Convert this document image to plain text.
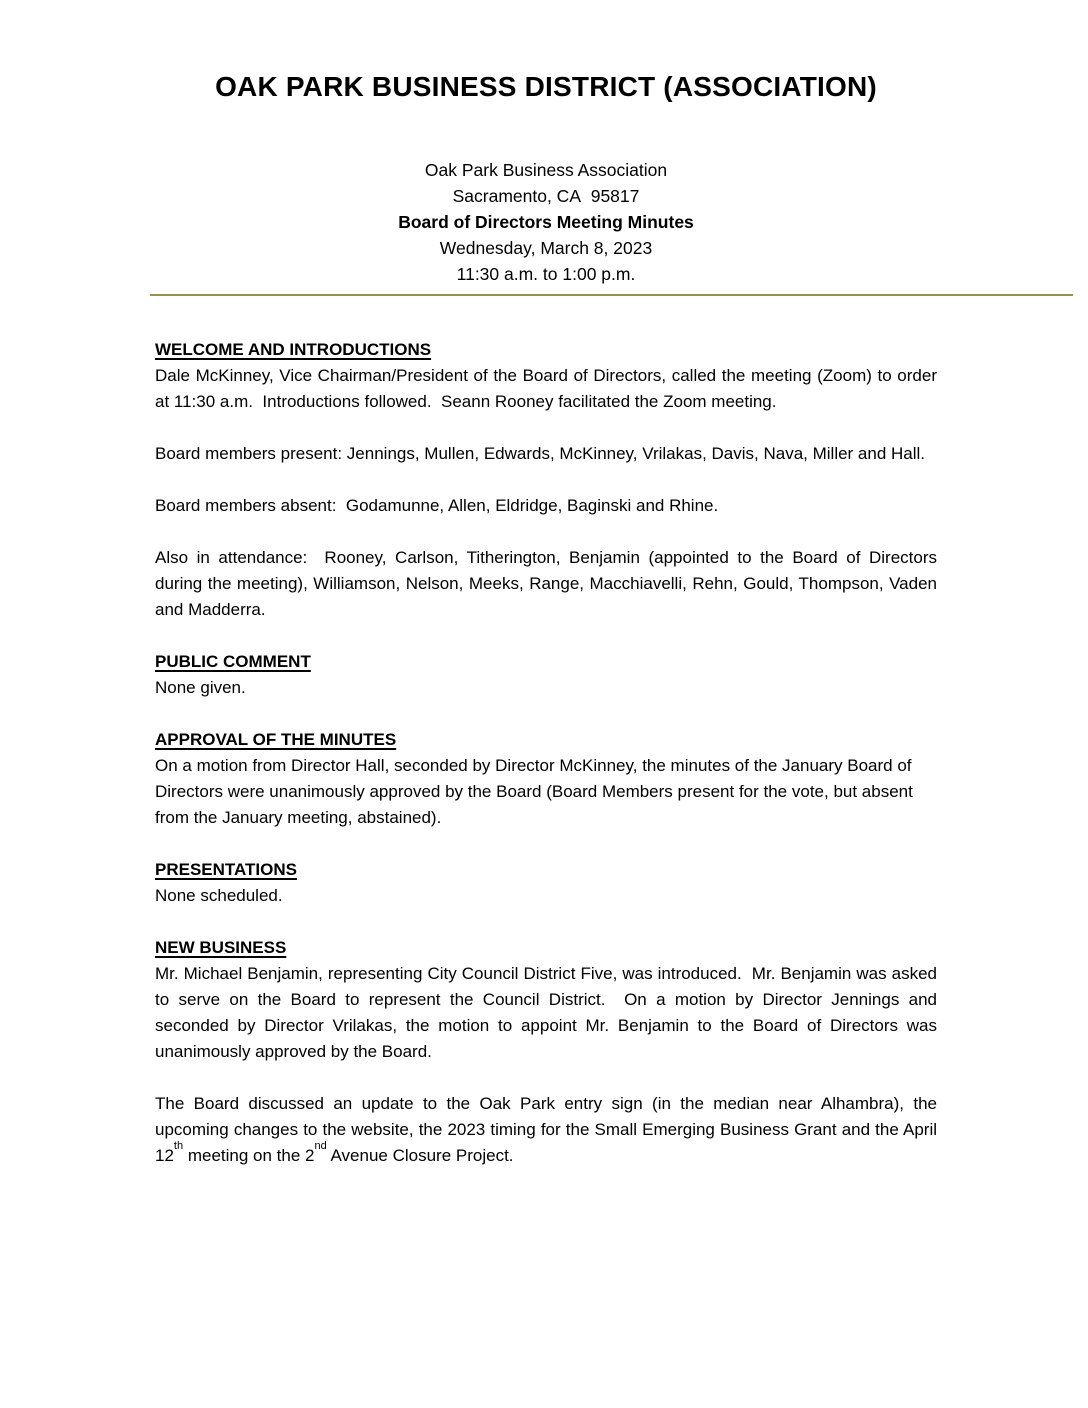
OAK PARK BUSINESS DISTRICT (ASSOCIATION)
Oak Park Business Association
Sacramento, CA  95817
Board of Directors Meeting Minutes
Wednesday, March 8, 2023
11:30 a.m. to 1:00 p.m.
WELCOME AND INTRODUCTIONS

Dale McKinney, Vice Chairman/President of the Board of Directors, called the meeting (Zoom) to order at 11:30 a.m.  Introductions followed.  Seann Rooney facilitated the Zoom meeting.

Board members present: Jennings, Mullen, Edwards, McKinney, Vrilakas, Davis, Nava, Miller and Hall.

Board members absent:  Godamunne, Allen, Eldridge, Baginski and Rhine.

Also in attendance:  Rooney, Carlson, Titherington, Benjamin (appointed to the Board of Directors during the meeting), Williamson, Nelson, Meeks, Range, Macchiavelli, Rehn, Gould, Thompson, Vaden and Madderra.

PUBLIC COMMENT

None given.

APPROVAL OF THE MINUTES

On a motion from Director Hall, seconded by Director McKinney, the minutes of the January Board of Directors were unanimously approved by the Board (Board Members present for the vote, but absent from the January meeting, abstained).

PRESENTATIONS

None scheduled.

NEW BUSINESS

Mr. Michael Benjamin, representing City Council District Five, was introduced.  Mr. Benjamin was asked to serve on the Board to represent the Council District.  On a motion by Director Jennings and seconded by Director Vrilakas, the motion to appoint Mr. Benjamin to the Board of Directors was unanimously approved by the Board.

The Board discussed an update to the Oak Park entry sign (in the median near Alhambra), the upcoming changes to the website, the 2023 timing for the Small Emerging Business Grant and the April 12th meeting on the 2nd Avenue Closure Project.
